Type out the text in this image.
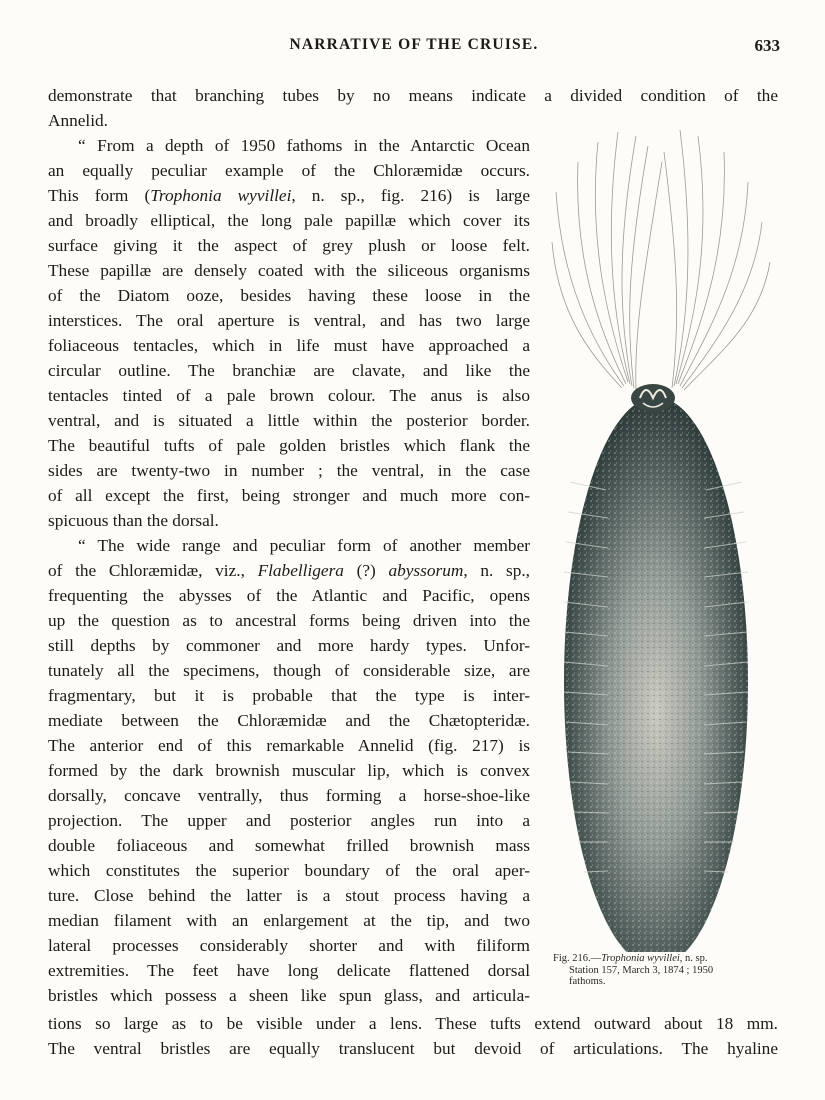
NARRATIVE OF THE CRUISE.	633
demonstrate that branching tubes by no means indicate a divided condition of the
Annelid.
“ From a depth of 1950 fathoms in the Antarctic Ocean
an equally peculiar example of the Chloræmidæ occurs.
This form (Trophonia wyvillei, n. sp., fig. 216) is large
and broadly elliptical, the long pale papillæ which cover its
surface giving it the aspect of grey plush or loose felt.
These papillæ are densely coated with the siliceous organisms
of the Diatom ooze, besides having these loose in the
interstices. The oral aperture is ventral, and has two large
foliaceous tentacles, which in life must have approached a
circular outline. The branchiæ are clavate, and like the
tentacles tinted of a pale brown colour. The anus is also
ventral, and is situated a little within the posterior border.
The beautiful tufts of pale golden bristles which flank the
sides are twenty-two in number ; the ventral, in the case
of all except the first, being stronger and much more con-
spicuous than the dorsal.
“ The wide range and peculiar form of another member
of the Chloræmidæ, viz., Flabelligera (?) abyssorum, n. sp.,
frequenting the abysses of the Atlantic and Pacific, opens
up the question as to ancestral forms being driven into the
still depths by commoner and more hardy types. Unfor-
tunately all the specimens, though of considerable size, are
fragmentary, but it is probable that the type is inter-
mediate between the Chloræmidæ and the Chætopteridæ.
The anterior end of this remarkable Annelid (fig. 217) is
formed by the dark brownish muscular lip, which is convex
dorsally, concave ventrally, thus forming a horse-shoe-like
projection. The upper and posterior angles run into a
double foliaceous and somewhat frilled brownish mass
which constitutes the superior boundary of the oral aper-
ture. Close behind the latter is a stout process having a
median filament with an enlargement at the tip, and two
lateral processes considerably shorter and with filiform
extremities. The feet have long delicate flattened dorsal
bristles which possess a sheen like spun glass, and articula-
tions so large as to be visible under a lens. These tufts extend outward about 18 mm.
The ventral bristles are equally translucent but devoid of articulations. The hyaline
Fig. 216.—Trophonia wyvillei, n. sp.
Station 157, March 3, 1874 ; 1950
fathoms.
